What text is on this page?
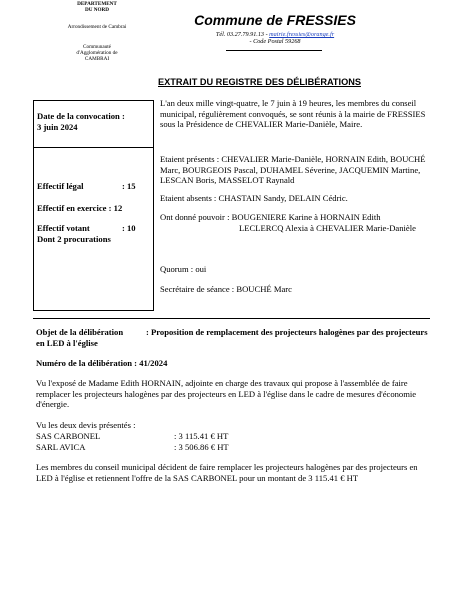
DEPARTEMENT
DU NORD
Arrondissement de Cambrai
Communauté
d'Agglomération de
CAMBRAI
Commune de FRESSIES
Tél. 03.27.79.91.13 - mairie.fressies@orange.fr
- Code Postal 59268
EXTRAIT DU REGISTRE DES DÉLIBÉRATIONS
Date de la convocation :
3 juin 2024
Effectif légal	: 15
Effectif en exercice : 12
Effectif votant	: 10
Dont 2 procurations
L'an deux mille vingt-quatre, le 7 juin à 19 heures, les membres du conseil municipal, régulièrement convoqués, se sont réunis à la mairie de FRESSIES sous la Présidence de CHEVALIER Marie-Danièle, Maire.
Etaient présents : CHEVALIER Marie-Danièle, HORNAIN Edith, BOUCHÉ Marc, BOURGEOIS Pascal, DUHAMEL Séverine, JACQUEMIN Martine, LESCAN Boris, MASSELOT Raynald
Etaient absents : CHASTAIN Sandy, DELAIN Cédric.
Ont donné pouvoir : BOUGENIERE Karine à HORNAIN Edith
LECLERCQ Alexia à CHEVALIER Marie-Danièle
Quorum : oui
Secrétaire de séance : BOUCHÉ Marc
Objet de la délibération	: Proposition de remplacement des projecteurs halogènes par des projecteurs en LED à l'église
Numéro de la délibération : 41/2024
Vu l'exposé de Madame Edith HORNAIN, adjointe en charge des travaux qui propose à l'assemblée de faire remplacer les projecteurs halogènes par des projecteurs en LED à l'église dans le cadre de mesures d'économie d'énergie.
Vu les deux devis présentés :
SAS CARBONEL	: 3 115.41 € HT
SARL AVICA	: 3 506.86 € HT
Les membres du conseil municipal décident de faire remplacer les projecteurs halogènes par des projecteurs en LED à l'église et retiennent l'offre de la SAS CARBONEL pour un montant de 3 115.41 € HT
